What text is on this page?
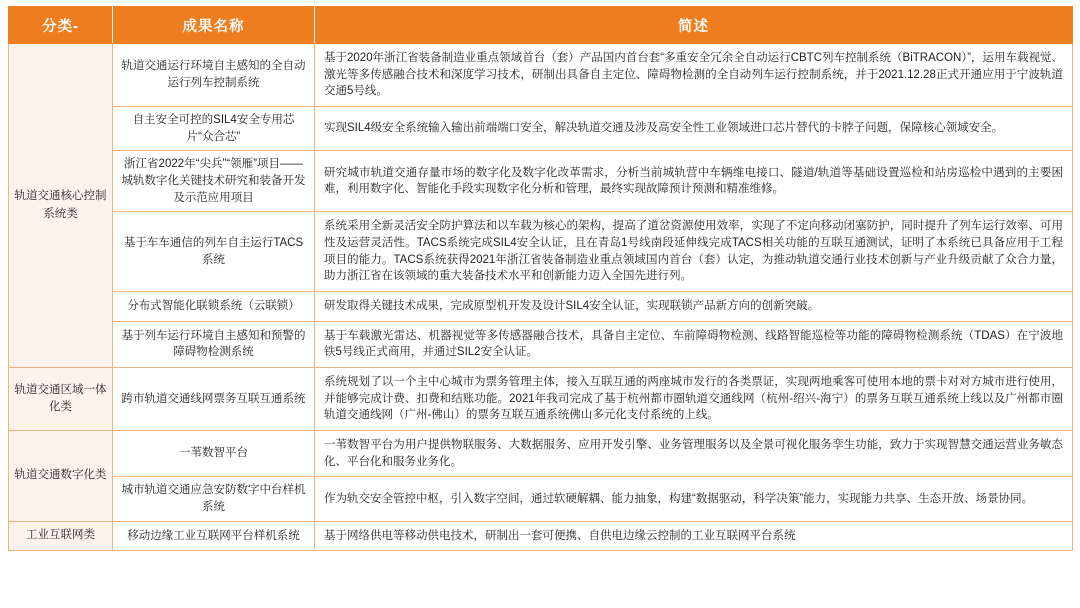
分类-	成果名称	简述
轨道交通核心控制系统类	轨道交通运行环境自主感知的全自动运行列车控制系统	基于2020年浙江省装备制造业重点领域首台（套）产品国内首台套“多重安全冗余全自动运行CBTC列车控制系统（BiTRACON）”，运用车载视觉、激光等多传感融合技术和深度学习技术，研制出具备自主定位、障碍物检测的全自动列车运行控制系统，并于2021.12.28正式开通应用于宁波轨道交通5号线。
	自主安全可控的SIL4安全专用芯片“众合芯”	实现SIL4级安全系统输入输出前端端口安全，解决轨道交通及涉及高安全性工业领域进口芯片替代的卡脖子问题，保障核心领域安全。
	浙江省2022年“尖兵”“领雁”项目——城轨数字化关键技术研究和装备开发及示范应用项目	研究城市轨道交通存量市场的数字化及数字化改革需求，分析当前城轨营中车辆维电接口、隧道/轨道等基础设置巡检和站房巡检中遇到的主要困难，利用数字化、智能化手段实现数字化分析和管理，最终实现故障预计预测和精准维修。
	基于车车通信的列车自主运行TACS系统	系统采用全新灵活安全防护算法和以车载为核心的架构，提高了道岔资源使用效率，实现了不定向移动闭塞防护，同时提升了列车运行效率、可用性及运营灵活性。TACS系统完成SIL4安全认证，且在青岛1号线南段延伸线完成TACS相关功能的互联互通测试，证明了本系统已具备应用于工程项目的能力。TACS系统获得2021年浙江省装备制造业重点领域国内首台（套）认定，为推动轨道交通行业技术创新与产业升级贡献了众合力量，助力浙江省在该领域的重大装备技术水平和创新能力迈入全国先进行列。
	分布式智能化联锁系统（云联锁）	研发取得关键技术成果，完成原型机开发及设计SIL4安全认证，实现联锁产品新方向的创新突破。
	基于列车运行环境自主感知和预警的障碍物检测系统	基于车载激光雷达、机器视觉等多传感器融合技术，具备自主定位、车前障碍物检测、线路智能巡检等功能的障碍物检测系统（TDAS）在宁波地铁5号线正式商用，并通过SIL2安全认证。
轨道交通区域一体化类	跨市轨道交通线网票务互联互通系统	系统规划了以一个主中心城市为票务管理主体，接入互联互通的两座城市发行的各类票证，实现两地乘客可使用本地的票卡对对方城市进行使用，并能够完成计费、扣费和结账功能。2021年我司完成了基于杭州都市圈轨道交通线网（杭州-绍兴-海宁）的票务互联互通系统上线以及广州都市圈轨道交通线网（广州-佛山）的票务互联互通系统佛山多元化支付系统的上线。
轨道交通数字化类	一苇数智平台	一苇数智平台为用户提供物联服务、大数据服务、应用开发引擎、业务管理服务以及全景可视化服务孪生功能，致力于实现智慧交通运营业务敏态化、平台化和服务业务化。
	城市轨道交通应急安防数字中台样机系统	作为轨交安全管控中枢，引入数字空间，通过软硬解耦、能力抽象，构建“数据驱动，科学决策”能力，实现能力共享、生态开放、场景协同。
工业互联网类	移动边缘工业互联网平台样机系统	基于网络供电等移动供电技术，研制出一套可便携、自供电边缘云控制的工业互联网平台系统
